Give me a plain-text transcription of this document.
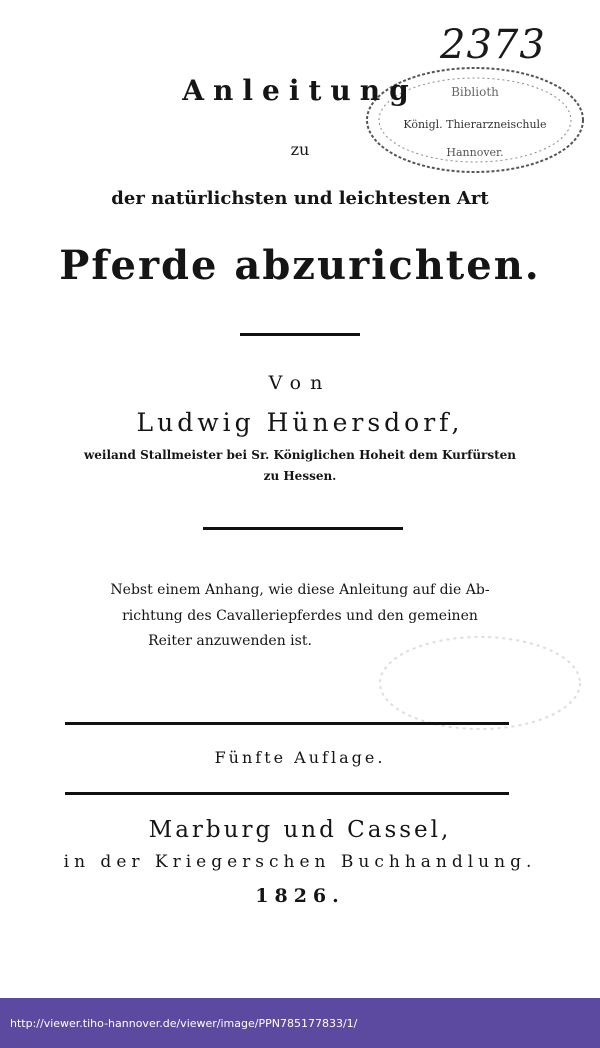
2373
Biblioth
Königl. Thierarzneischule
Hannover.
Anleitung
zu
der natürlichsten und leichtesten Art
Pferde abzurichten.
Von
Ludwig Hünersdorf,
weiland Stallmeister bei Sr. Königlichen Hoheit dem Kurfürsten
zu Hessen.
Nebst einem Anhang, wie diese Anleitung auf die Ab-
richtung des Cavalleriepferdes und den gemeinen
Reiter anzuwenden ist.
Fünfte Auflage.
Marburg und Cassel,
in der Kriegerschen Buchhandlung.
1826.
http://viewer.tiho-hannover.de/viewer/image/PPN785177833/1/
